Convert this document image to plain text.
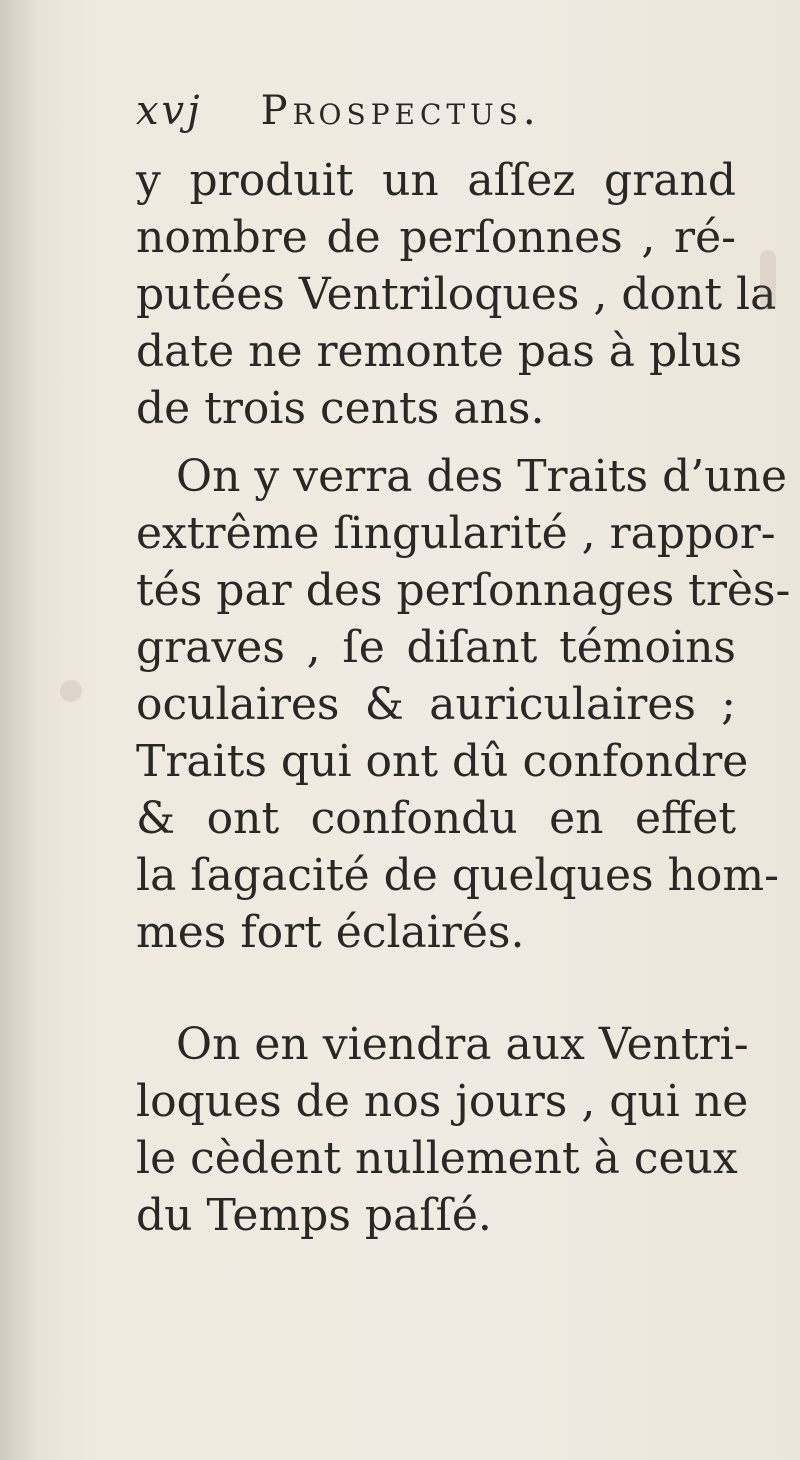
xvj Prospectus.
y produit un aſſez grand
nombre de perſonnes , ré-
putées Ventriloques , dont la
date ne remonte pas à plus
de trois cents ans.
On y verra des Traits d’une
extrême ſingularité , rappor-
tés par des perſonnages très-
graves , ſe diſant témoins
oculaires & auriculaires ;
Traits qui ont dû confondre
& ont confondu en effet
la ſagacité de quelques hom-
mes fort éclairés.
On en viendra aux Ventri-
loques de nos jours , qui ne
le cèdent nullement à ceux
du Temps paſſé.
